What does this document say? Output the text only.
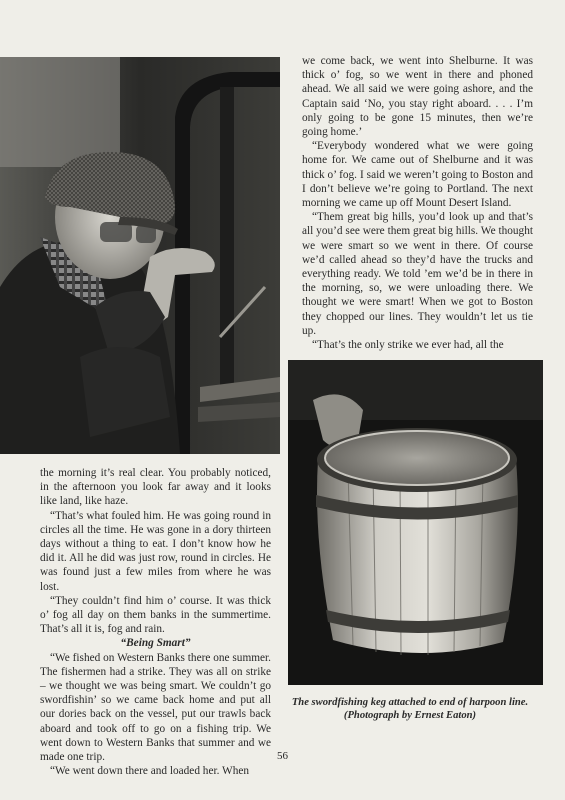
we come back, we went into Shelburne. It was thick o’ fog, so we went in there and phoned ahead. We all said we were going ashore, and the Captain said ‘No, you stay right aboard. . . . I’m only going to be gone 15 minutes, then we’re going home.’

“Everybody wondered what we were going home for. We came out of Shelburne and it was thick o’ fog. I said we weren’t going to Boston and I don’t believe we’re going to Portland. The next morning we came up off Mount Desert Island.

“Them great big hills, you’d look up and that’s all you’d see were them great big hills. We thought we were smart so we went in there. Of course we’d called ahead so they’d have the trucks and everything ready. We told ’em we’d be in there in the morning, so, we were unloading there. We thought we were smart! When we got to Boston they chopped our lines. They wouldn’t let us tie up.

“That’s the only strike we ever had, all the

The swordfishing keg attached to end of harpoon line. (Photograph by Ernest Eaton)

the morning it’s real clear. You probably noticed, in the afternoon you look far away and it looks like land, like haze.

“That’s what fouled him. He was going round in circles all the time. He was gone in a dory thirteen days without a thing to eat. I don’t know how he did it. All he did was just row, round in circles. He was found just a few miles from where he was lost.

“They couldn’t find him o’ course. It was thick o’ fog all day on them banks in the summertime. That’s all it is, fog and rain.

“Being Smart”

“We fished on Western Banks there one summer. The fishermen had a strike. They was all on strike – we thought we was being smart. We couldn’t go swordfishin’ so we came back home and put all our dories back on the vessel, put our trawls back aboard and took off to go on a fishing trip. We went down to Western Banks that summer and we made one trip.

“We went down there and loaded her. When

56
